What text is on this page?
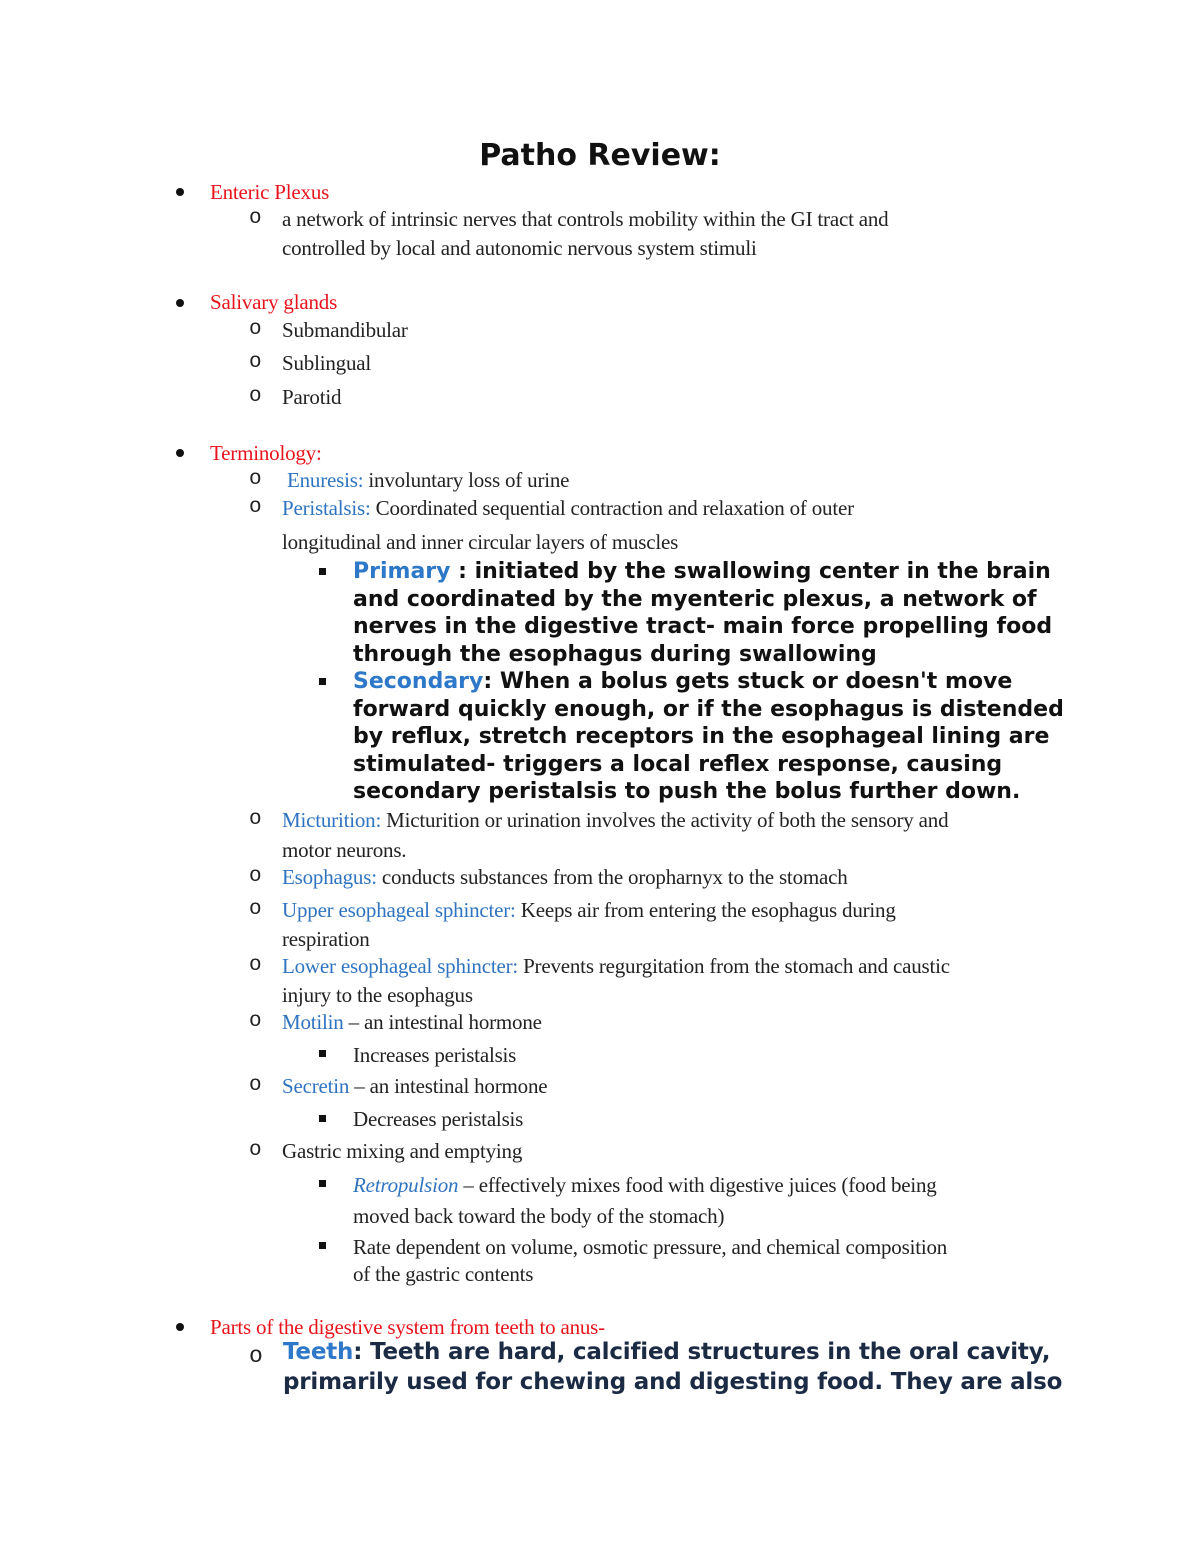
Patho Review:
Enteric Plexus
o a network of intrinsic nerves that controls mobility within the GI tract and
controlled by local and autonomic nervous system stimuli
Salivary glands
o Submandibular
o Sublingual
o Parotid
Terminology:
o Enuresis: involuntary loss of urine
o Peristalsis: Coordinated sequential contraction and relaxation of outer
longitudinal and inner circular layers of muscles
Primary : initiated by the swallowing center in the brain
and coordinated by the myenteric plexus, a network of
nerves in the digestive tract- main force propelling food
through the esophagus during swallowing
Secondary: When a bolus gets stuck or doesn't move
forward quickly enough, or if the esophagus is distended
by reflux, stretch receptors in the esophageal lining are
stimulated- triggers a local reflex response, causing
secondary peristalsis to push the bolus further down.
o Micturition: Micturition or urination involves the activity of both the sensory and
motor neurons.
o Esophagus: conducts substances from the oropharnyx to the stomach
o Upper esophageal sphincter: Keeps air from entering the esophagus during
respiration
o Lower esophageal sphincter: Prevents regurgitation from the stomach and caustic
injury to the esophagus
o Motilin – an intestinal hormone
Increases peristalsis
o Secretin – an intestinal hormone
Decreases peristalsis
o Gastric mixing and emptying
Retropulsion – effectively mixes food with digestive juices (food being
moved back toward the body of the stomach)
Rate dependent on volume, osmotic pressure, and chemical composition
of the gastric contents
Parts of the digestive system from teeth to anus-
o Teeth: Teeth are hard, calcified structures in the oral cavity,
primarily used for chewing and digesting food. They are also
